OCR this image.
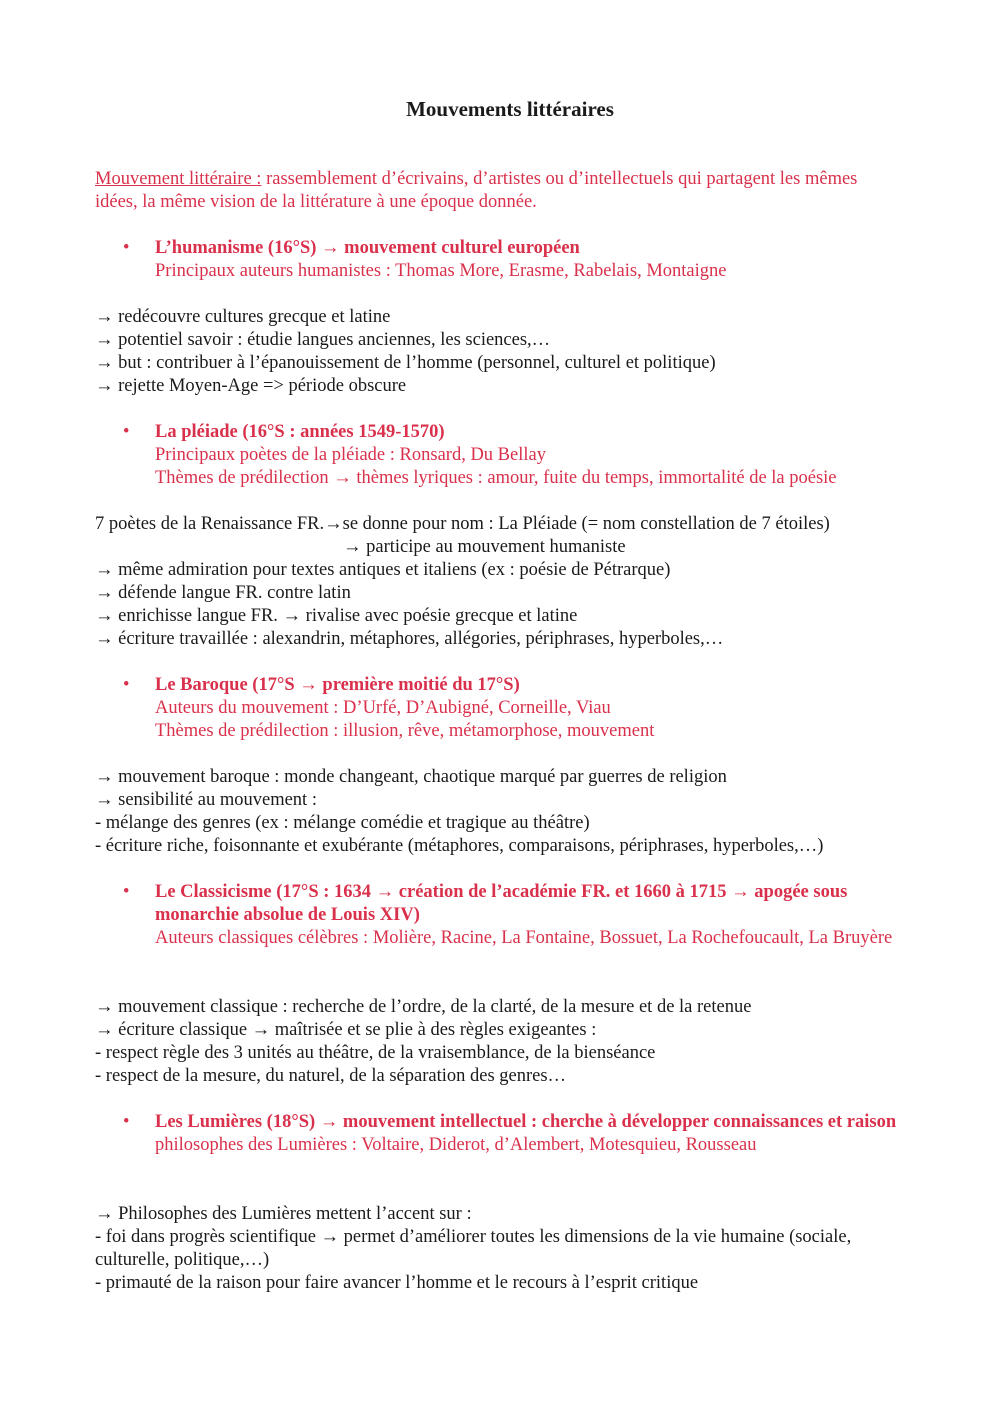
Mouvements littéraires
Mouvement littéraire : rassemblement d’écrivains, d’artistes ou d’intellectuels qui partagent les mêmes idées, la même vision de la littérature à une époque donnée.
• L’humanisme (16°S) → mouvement culturel européen
Principaux auteurs humanistes : Thomas More, Erasme, Rabelais, Montaigne
→ redécouvre cultures grecque et latine
→ potentiel savoir : étudie langues anciennes, les sciences,…
→ but : contribuer à l’épanouissement de l’homme (personnel, culturel et politique)
→ rejette Moyen-Age => période obscure
• La pléiade (16°S : années 1549-1570)
Principaux poètes de la pléiade : Ronsard, Du Bellay
Thèmes de prédilection → thèmes lyriques : amour, fuite du temps, immortalité de la poésie
7 poètes de la Renaissance FR.→se donne pour nom : La Pléiade (= nom constellation de 7 étoiles)
→ participe au mouvement humaniste
→ même admiration pour textes antiques et italiens (ex : poésie de Pétrarque)
→ défende langue FR. contre latin
→ enrichisse langue FR. → rivalise avec poésie grecque et latine
→ écriture travaillée : alexandrin, métaphores, allégories, périphrases, hyperboles,…
• Le Baroque (17°S → première moitié du 17°S)
Auteurs du mouvement : D’Urfé, D’Aubigné, Corneille, Viau
Thèmes de prédilection : illusion, rêve, métamorphose, mouvement
→ mouvement baroque : monde changeant, chaotique marqué par guerres de religion
→ sensibilité au mouvement :
- mélange des genres (ex : mélange comédie et tragique au théâtre)
- écriture riche, foisonnante et exubérante (métaphores, comparaisons, périphrases, hyperboles,…)
• Le Classicisme (17°S : 1634 → création de l’académie FR. et 1660 à 1715 → apogée sous monarchie absolue de Louis XIV)
Auteurs classiques célèbres : Molière, Racine, La Fontaine, Bossuet, La Rochefoucault, La Bruyère
→ mouvement classique : recherche de l’ordre, de la clarté, de la mesure et de la retenue
→ écriture classique → maîtrisée et se plie à des règles exigeantes :
- respect règle des 3 unités au théâtre, de la vraisemblance, de la bienséance
- respect de la mesure, du naturel, de la séparation des genres…
• Les Lumières (18°S) → mouvement intellectuel : cherche à développer connaissances et raison
philosophes des Lumières : Voltaire, Diderot, d’Alembert, Motesquieu, Rousseau
→ Philosophes des Lumières mettent l’accent sur :
- foi dans progrès scientifique → permet d’améliorer toutes les dimensions de la vie humaine (sociale, culturelle, politique,…)
- primauté de la raison pour faire avancer l’homme et le recours à l’esprit critique
